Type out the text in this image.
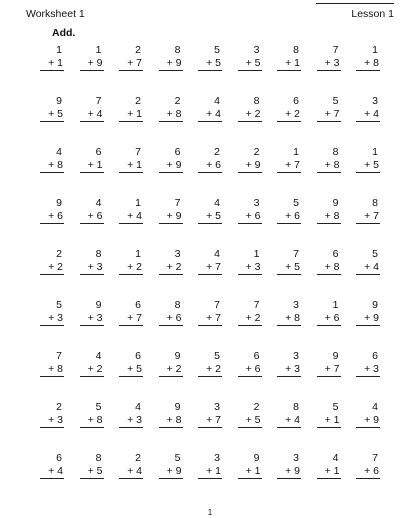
Worksheet 1	Lesson 1
Add.
1
+ 1
1
+ 9
2
+ 7
8
+ 9
5
+ 5
3
+ 5
8
+ 1
7
+ 3
1
+ 8
9
+ 5
7
+ 4
2
+ 1
2
+ 8
4
+ 4
8
+ 2
6
+ 2
5
+ 7
3
+ 4
4
+ 8
6
+ 1
7
+ 1
6
+ 9
2
+ 6
2
+ 9
1
+ 7
8
+ 8
1
+ 5
9
+ 6
4
+ 6
1
+ 4
7
+ 9
4
+ 5
3
+ 6
5
+ 6
9
+ 8
8
+ 7
2
+ 2
8
+ 3
1
+ 2
3
+ 2
4
+ 7
1
+ 3
7
+ 5
6
+ 8
5
+ 4
5
+ 3
9
+ 3
6
+ 7
8
+ 6
7
+ 7
7
+ 2
3
+ 8
1
+ 6
9
+ 9
7
+ 8
4
+ 2
6
+ 5
9
+ 2
5
+ 2
6
+ 6
3
+ 3
9
+ 7
6
+ 3
2
+ 3
5
+ 8
4
+ 3
9
+ 8
3
+ 7
2
+ 5
8
+ 4
5
+ 1
4
+ 9
6
+ 4
8
+ 5
2
+ 4
5
+ 9
3
+ 1
9
+ 1
3
+ 9
4
+ 1
7
+ 6
1
